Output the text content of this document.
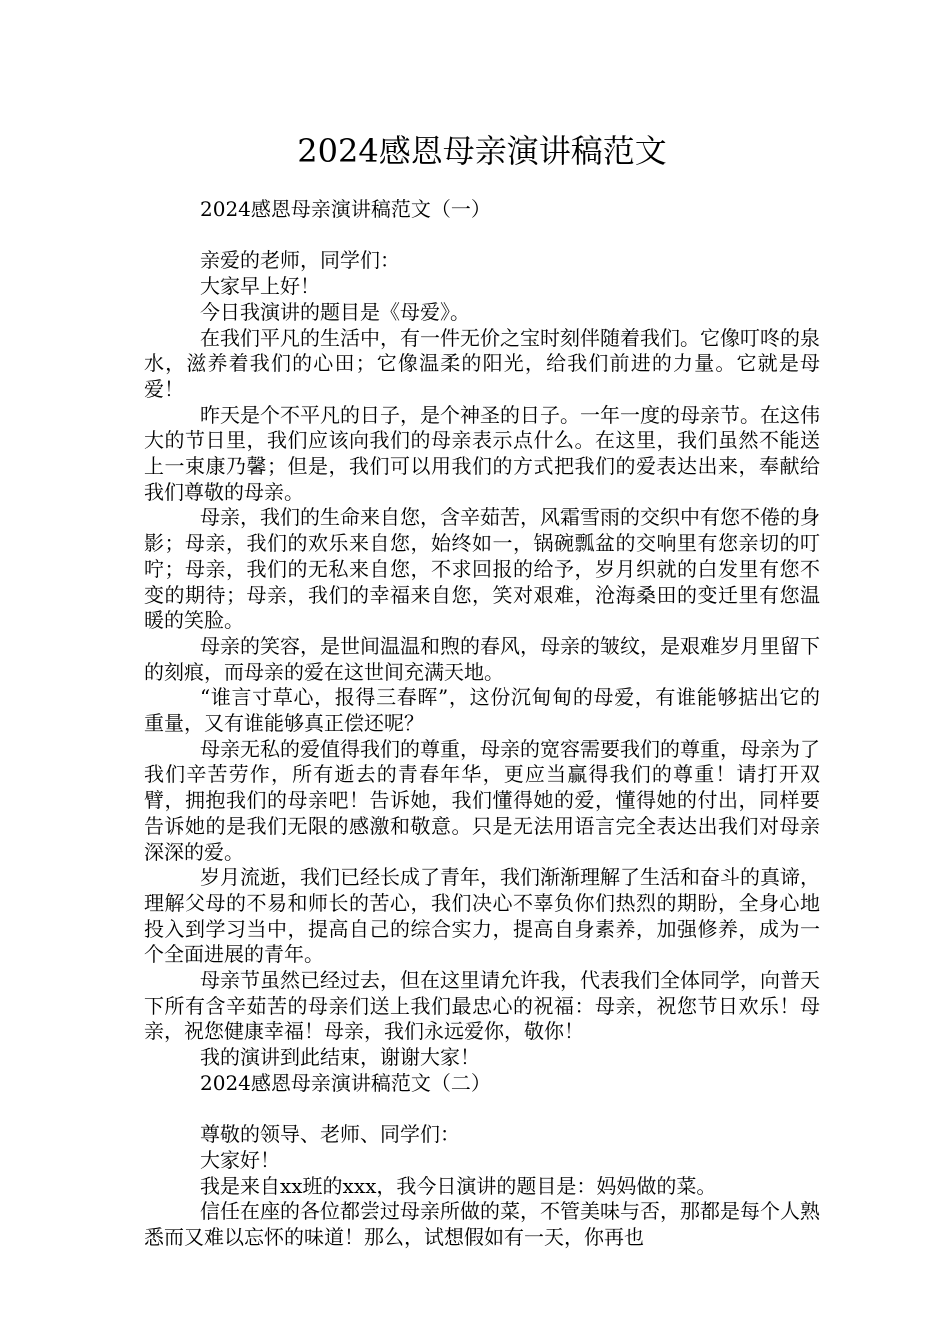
2024感恩母亲演讲稿范文

2024感恩母亲演讲稿范文（一）

亲爱的老师，同学们：

大家早上好！

今日我演讲的题目是《母爱》。

在我们平凡的生活中，有一件无价之宝时刻伴随着我们。它像叮咚的泉水，滋养着我们的心田；它像温柔的阳光，给我们前进的力量。它就是母爱！

昨天是个不平凡的日子，是个神圣的日子。一年一度的母亲节。在这伟大的节日里，我们应该向我们的母亲表示点什么。在这里，我们虽然不能送上一束康乃馨；但是，我们可以用我们的方式把我们的爱表达出来，奉献给我们尊敬的母亲。

母亲，我们的生命来自您，含辛茹苦，风霜雪雨的交织中有您不倦的身影；母亲，我们的欢乐来自您，始终如一，锅碗瓢盆的交响里有您亲切的叮咛；母亲，我们的无私来自您，不求回报的给予，岁月织就的白发里有您不变的期待；母亲，我们的幸福来自您，笑对艰难，沧海桑田的变迁里有您温暖的笑脸。

母亲的笑容，是世间温温和煦的春风，母亲的皱纹，是艰难岁月里留下的刻痕，而母亲的爱在这世间充满天地。

“谁言寸草心，报得三春晖”，这份沉甸甸的母爱，有谁能够掂出它的重量，又有谁能够真正偿还呢？

母亲无私的爱值得我们的尊重，母亲的宽容需要我们的尊重，母亲为了我们辛苦劳作，所有逝去的青春年华，更应当赢得我们的尊重！请打开双臂，拥抱我们的母亲吧！告诉她，我们懂得她的爱，懂得她的付出，同样要告诉她的是我们无限的感激和敬意。只是无法用语言完全表达出我们对母亲深深的爱。

岁月流逝，我们已经长成了青年，我们渐渐理解了生活和奋斗的真谛，理解父母的不易和师长的苦心，我们决心不辜负你们热烈的期盼，全身心地投入到学习当中，提高自己的综合实力，提高自身素养，加强修养，成为一个全面进展的青年。

母亲节虽然已经过去，但在这里请允许我，代表我们全体同学，向普天下所有含辛茹苦的母亲们送上我们最忠心的祝福：母亲，祝您节日欢乐！母亲，祝您健康幸福！母亲，我们永远爱你，敬你！

我的演讲到此结束，谢谢大家！

2024感恩母亲演讲稿范文（二）

尊敬的领导、老师、同学们：

大家好！

我是来自xx班的xxx，我今日演讲的题目是：妈妈做的菜。

信任在座的各位都尝过母亲所做的菜，不管美味与否，那都是每个人熟悉而又难以忘怀的味道！那么，试想假如有一天，你再也
